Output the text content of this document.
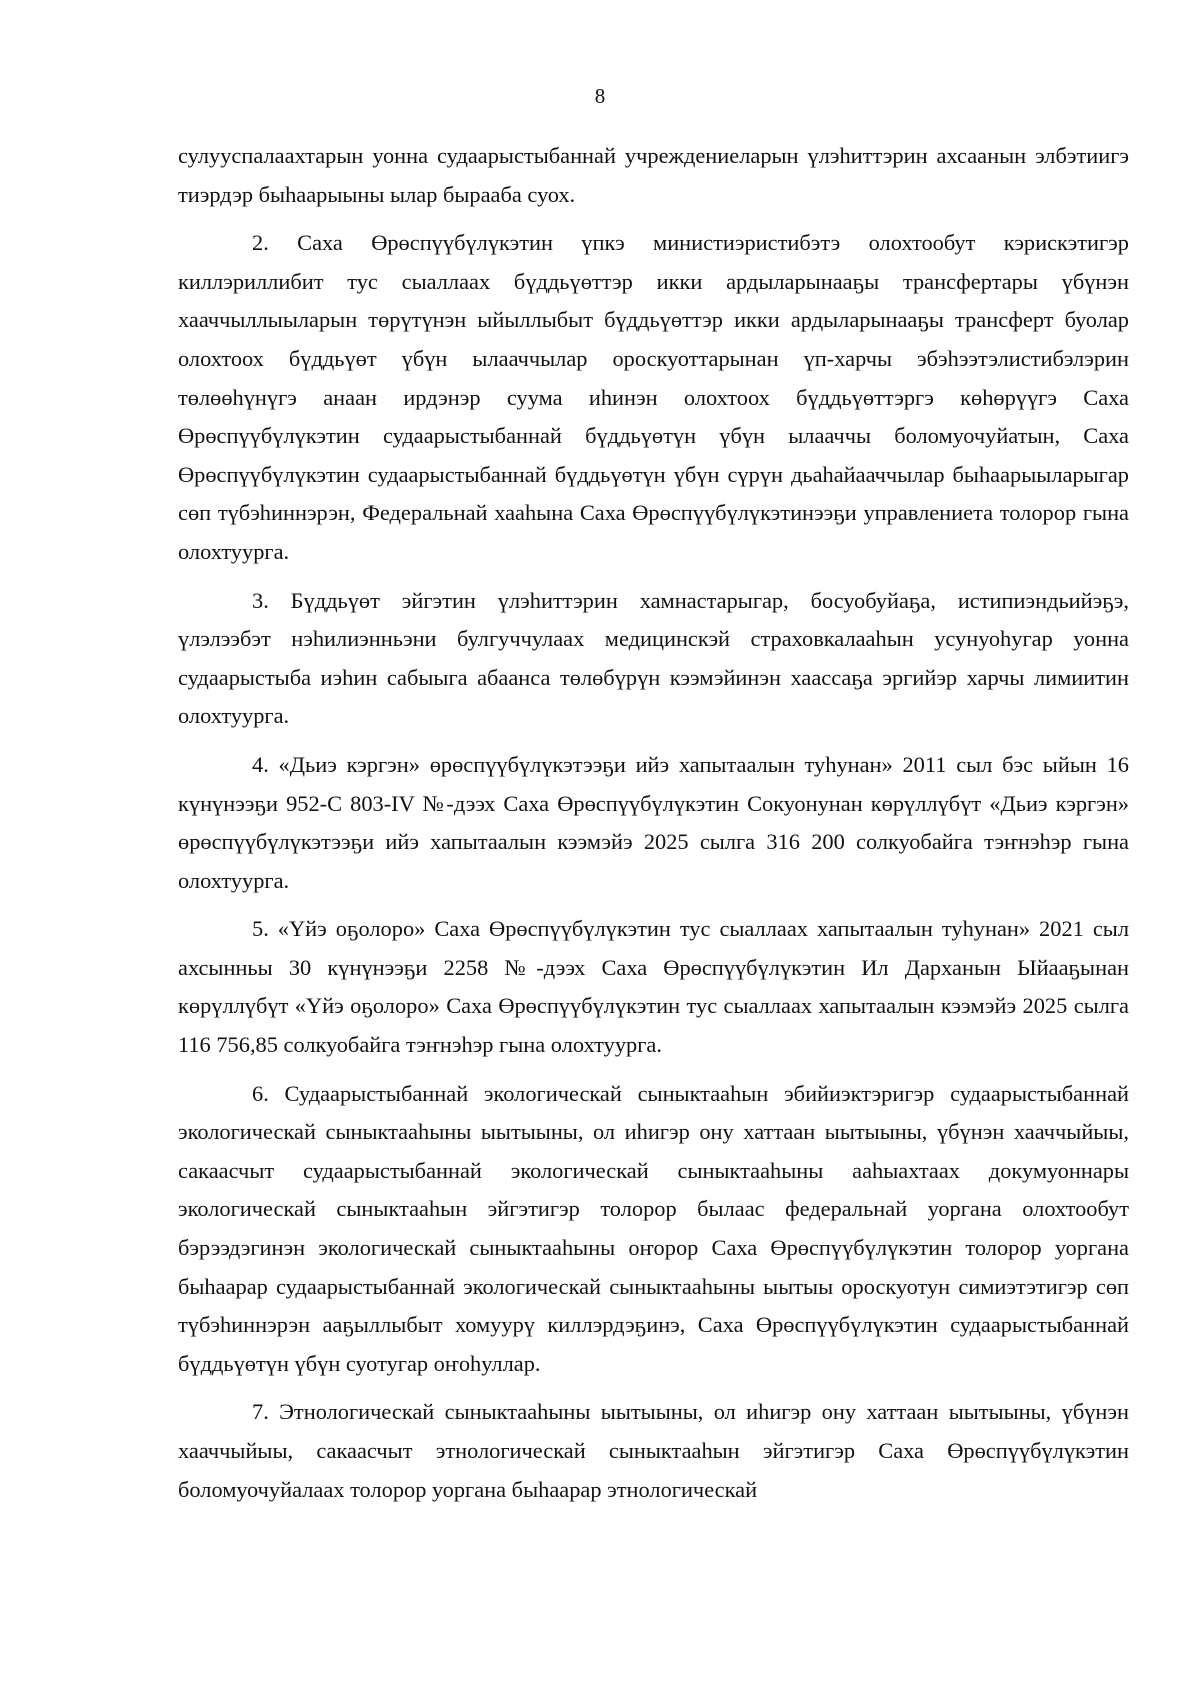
8

сулууспалаахтарын уонна судаарыстыбаннай учреждениеларын үлэһиттэрин ахсаанын элбэтиигэ тиэрдэр быһаарыыны ылар бырааба суох.

2. Саха Өрөспүүбүлүкэтин үпкэ министиэристибэтэ олохтообут кэрискэтигэр киллэриллибит тус сыаллаах бүддьүөттэр икки ардыларынааҕы трансфертары үбүнэн хааччыллыыларын төрүтүнэн ыйыллыбыт бүддьүөттэр икки ардыларынааҕы трансферт буолар олохтоох бүддьүөт үбүн ылааччылар ороскуоттарынан үп-харчы эбэһээтэлистибэлэрин төлөөһүнүгэ анаан ирдэнэр суума иһинэн олохтоох бүддьүөттэргэ көһөрүүгэ Саха Өрөспүүбүлүкэтин судаарыстыбаннай бүддьүөтүн үбүн ылааччы боломуочуйатын, Саха Өрөспүүбүлүкэтин судаарыстыбаннай бүддьүөтүн үбүн сүрүн дьаһайааччылар быһаарыыларыгар сөп түбэһиннэрэн, Федеральнай хааһына Саха Өрөспүүбүлүкэтинээҕи управлениета толорор гына олохтуурга.

3. Бүддьүөт эйгэтин үлэһиттэрин хамнастарыгар, босуобуйаҕа, истипиэндьийэҕэ, үлэлээбэт нэһилиэнньэни булгуччулаах медицинскэй страховкалааһын усунуоһугар уонна судаарыстыба иэһин сабыыга абаанса төлөбүрүн кээмэйинэн хаассаҕа эргийэр харчы лимиитин олохтуурга.

4. «Дьиэ кэргэн» өрөспүүбүлүкэтээҕи ийэ хапытаалын туһунан» 2011 сыл бэс ыйын 16 күнүнээҕи 952-С 803-IV №-дээх Саха Өрөспүүбүлүкэтин Сокуонунан көрүллүбүт «Дьиэ кэргэн» өрөспүүбүлүкэтээҕи ийэ хапытаалын кээмэйэ 2025 сылга 316 200 солкуобайга тэҥнэһэр гына олохтуурга.

5. «Үйэ оҕолоро» Саха Өрөспүүбүлүкэтин тус сыаллаах хапытаалын туһунан» 2021 сыл ахсынньы 30 күнүнээҕи 2258 №-дээх Саха Өрөспүүбүлүкэтин Ил Дарханын Ыйааҕынан көрүллүбүт «Үйэ оҕолоро» Саха Өрөспүүбүлүкэтин тус сыаллаах хапытаалын кээмэйэ 2025 сылга 116 756,85 солкуобайга тэҥнэһэр гына олохтуурга.

6. Судаарыстыбаннай экологическай сыныктааһын эбийиэктэригэр судаарыстыбаннай экологическай сыныктааһыны ыытыыны, ол иһигэр ону хаттаан ыытыыны, үбүнэн хааччыйыы, сакаасчыт судаарыстыбаннай экологическай сыныктааһыны ааһыахтаах докумуоннары экологическай сыныктааһын эйгэтигэр толорор былаас федеральнай уоргана олохтообут бэрээдэгинэн экологическай сыныктааһыны оҥорор Саха Өрөспүүбүлүкэтин толорор уоргана быһаарар судаарыстыбаннай экологическай сыныктааһыны ыытыы ороскуотун симиэтэтигэр сөп түбэһиннэрэн ааҕыллыбыт хомуурү киллэрдэҕинэ, Саха Өрөспүүбүлүкэтин судаарыстыбаннай бүддьүөтүн үбүн суотугар оҥоһуллар.

7. Этнологическай сыныктааһыны ыытыыны, ол иһигэр ону хаттаан ыытыыны, үбүнэн хааччыйыы, сакаасчыт этнологическай сыныктааһын эйгэтигэр Саха Өрөспүүбүлүкэтин боломуочуйалаах толорор уоргана быһаарар этнологическай
